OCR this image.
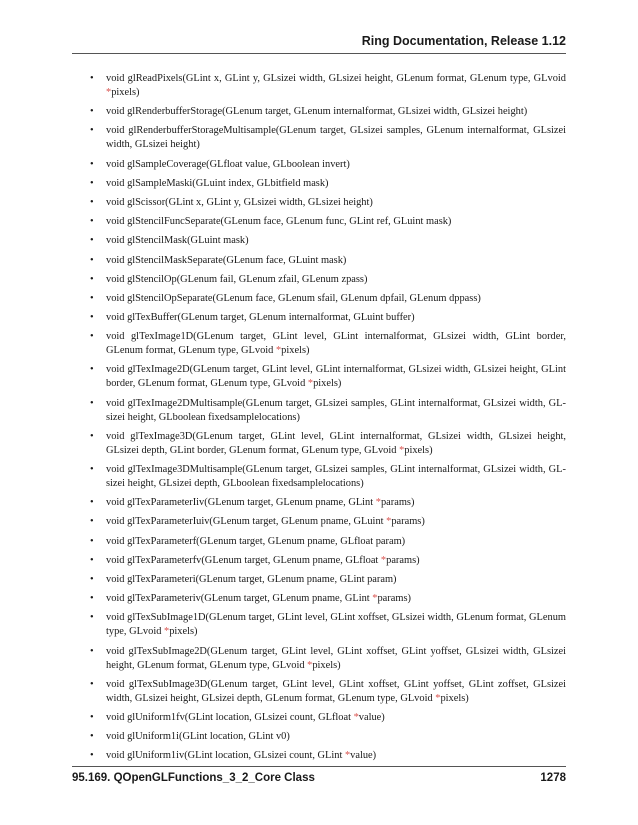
Ring Documentation, Release 1.12
• void glReadPixels(GLint x, GLint y, GLsizei width, GLsizei height, GLenum format, GLenum type, GLvoid *pixels)
• void glRenderbufferStorage(GLenum target, GLenum internalformat, GLsizei width, GLsizei height)
• void glRenderbufferStorageMultisample(GLenum target, GLsizei samples, GLenum internalformat, GLsizei width, GLsizei height)
• void glSampleCoverage(GLfloat value, GLboolean invert)
• void glSampleMaski(GLuint index, GLbitfield mask)
• void glScissor(GLint x, GLint y, GLsizei width, GLsizei height)
• void glStencilFuncSeparate(GLenum face, GLenum func, GLint ref, GLuint mask)
• void glStencilMask(GLuint mask)
• void glStencilMaskSeparate(GLenum face, GLuint mask)
• void glStencilOp(GLenum fail, GLenum zfail, GLenum zpass)
• void glStencilOpSeparate(GLenum face, GLenum sfail, GLenum dpfail, GLenum dppass)
• void glTexBuffer(GLenum target, GLenum internalformat, GLuint buffer)
• void glTexImage1D(GLenum target, GLint level, GLint internalformat, GLsizei width, GLint border, GLenum format, GLenum type, GLvoid *pixels)
• void glTexImage2D(GLenum target, GLint level, GLint internalformat, GLsizei width, GLsizei height, GLint border, GLenum format, GLenum type, GLvoid *pixels)
• void glTexImage2DMultisample(GLenum target, GLsizei samples, GLint internalformat, GLsizei width, GL-sizei height, GLboolean fixedsamplelocations)
• void glTexImage3D(GLenum target, GLint level, GLint internalformat, GLsizei width, GLsizei height, GLsizei depth, GLint border, GLenum format, GLenum type, GLvoid *pixels)
• void glTexImage3DMultisample(GLenum target, GLsizei samples, GLint internalformat, GLsizei width, GL-sizei height, GLsizei depth, GLboolean fixedsamplelocations)
• void glTexParameterIiv(GLenum target, GLenum pname, GLint *params)
• void glTexParameterIuiv(GLenum target, GLenum pname, GLuint *params)
• void glTexParameterf(GLenum target, GLenum pname, GLfloat param)
• void glTexParameterfv(GLenum target, GLenum pname, GLfloat *params)
• void glTexParameteri(GLenum target, GLenum pname, GLint param)
• void glTexParameteriv(GLenum target, GLenum pname, GLint *params)
• void glTexSubImage1D(GLenum target, GLint level, GLint xoffset, GLsizei width, GLenum format, GLenum type, GLvoid *pixels)
• void glTexSubImage2D(GLenum target, GLint level, GLint xoffset, GLint yoffset, GLsizei width, GLsizei height, GLenum format, GLenum type, GLvoid *pixels)
• void glTexSubImage3D(GLenum target, GLint level, GLint xoffset, GLint yoffset, GLint zoffset, GLsizei width, GLsizei height, GLsizei depth, GLenum format, GLenum type, GLvoid *pixels)
• void glUniform1fv(GLint location, GLsizei count, GLfloat *value)
• void glUniform1i(GLint location, GLint v0)
• void glUniform1iv(GLint location, GLsizei count, GLint *value)
95.169. QOpenGLFunctions_3_2_Core Class	1278
